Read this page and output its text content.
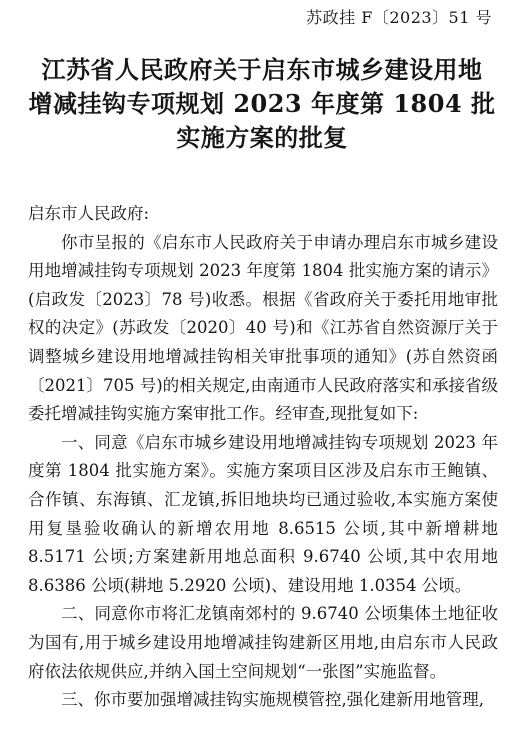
苏政挂 F〔2023〕51 号
江苏省人民政府关于启东市城乡建设用地
增减挂钩专项规划 2023 年度第 1804 批
实施方案的批复

启东市人民政府:

你市呈报的《启东市人民政府关于申请办理启东市城乡建设用地增减挂钩专项规划 2023 年度第 1804 批实施方案的请示》(启政发〔2023〕78 号)收悉。根据《省政府关于委托用地审批权的决定》(苏政发〔2020〕40 号)和《江苏省自然资源厅关于调整城乡建设用地增减挂钩相关审批事项的通知》(苏自然资函〔2021〕705 号)的相关规定,由南通市人民政府落实和承接省级委托增减挂钩实施方案审批工作。经审查,现批复如下:

一、同意《启东市城乡建设用地增减挂钩专项规划 2023 年度第 1804 批实施方案》。实施方案项目区涉及启东市王鲍镇、合作镇、东海镇、汇龙镇,拆旧地块均已通过验收,本实施方案使用复垦验收确认的新增农用地 8.6515 公顷,其中新增耕地 8.5171 公顷;方案建新用地总面积 9.6740 公顷,其中农用地 8.6386 公顷(耕地 5.2920 公顷)、建设用地 1.0354 公顷。

二、同意你市将汇龙镇南郊村的 9.6740 公顷集体土地征收为国有,用于城乡建设用地增减挂钩建新区用地,由启东市人民政府依法依规供应,并纳入国土空间规划“一张图”实施监督。

三、你市要加强增减挂钩实施规模管控,强化建新用地管理,
